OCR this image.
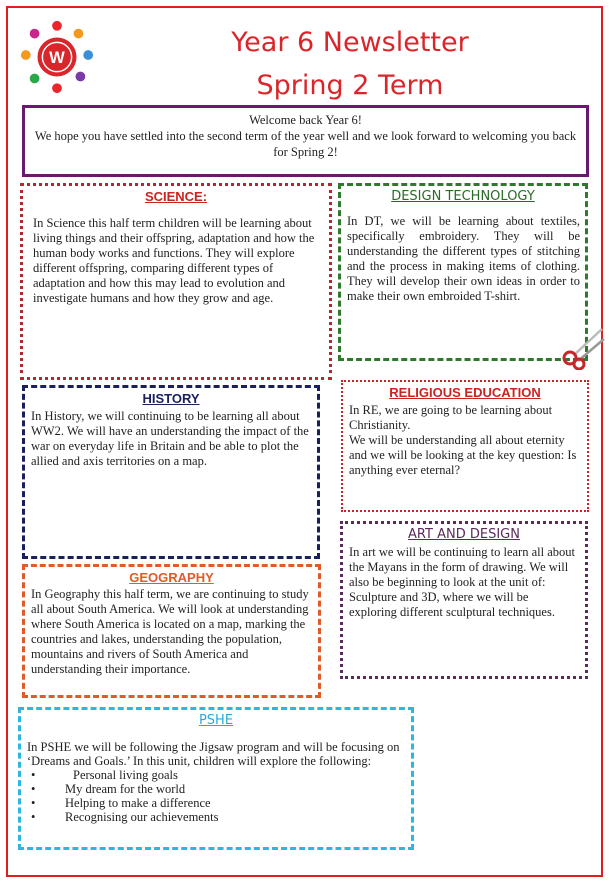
W	Year 6 Newsletter
Spring 2 Term
Welcome back Year 6!
We hope you have settled into the second term of the year well and we look forward to welcoming you back for Spring 2!
SCIENCE:
In Science this half term children will be learning about living things and their offspring, adaptation and how the human body works and functions. They will explore different offspring, comparing different types of adaptation and how this may lead to evolution and investigate humans and how they grow and age.
DESIGN TECHNOLOGY
In DT, we will be learning about textiles, specifically embroidery. They will be understanding the different types of stitching and the process in making items of clothing. They will develop their own ideas in order to make their own embroided T-shirt.
HISTORY
In History, we will continuing to be learning all about WW2. We will have an understanding the impact of the war on everyday life in Britain and be able to plot the allied and axis territories on a map.
RELIGIOUS EDUCATION
In RE, we are going to be learning about Christianity.
We will be understanding all about eternity and we will be looking at the key question: Is anything ever eternal?
GEOGRAPHY
In Geography this half term, we are continuing to study all about South America. We will look at understanding where South America is located on a map, marking the countries and lakes, understanding the population, mountains and rivers of South America and understanding their importance.
ART AND DESIGN
In art we will be continuing to learn all about the Mayans in the form of drawing. We will also be beginning to look at the unit of: Sculpture and 3D, where we will be exploring different sculptural techniques.
PSHE
In PSHE we will be following the Jigsaw program and will be focusing on ‘Dreams and Goals.’ In this unit, children will explore the following:
• Personal living goals
• My dream for the world
• Helping to make a difference
• Recognising our achievements
